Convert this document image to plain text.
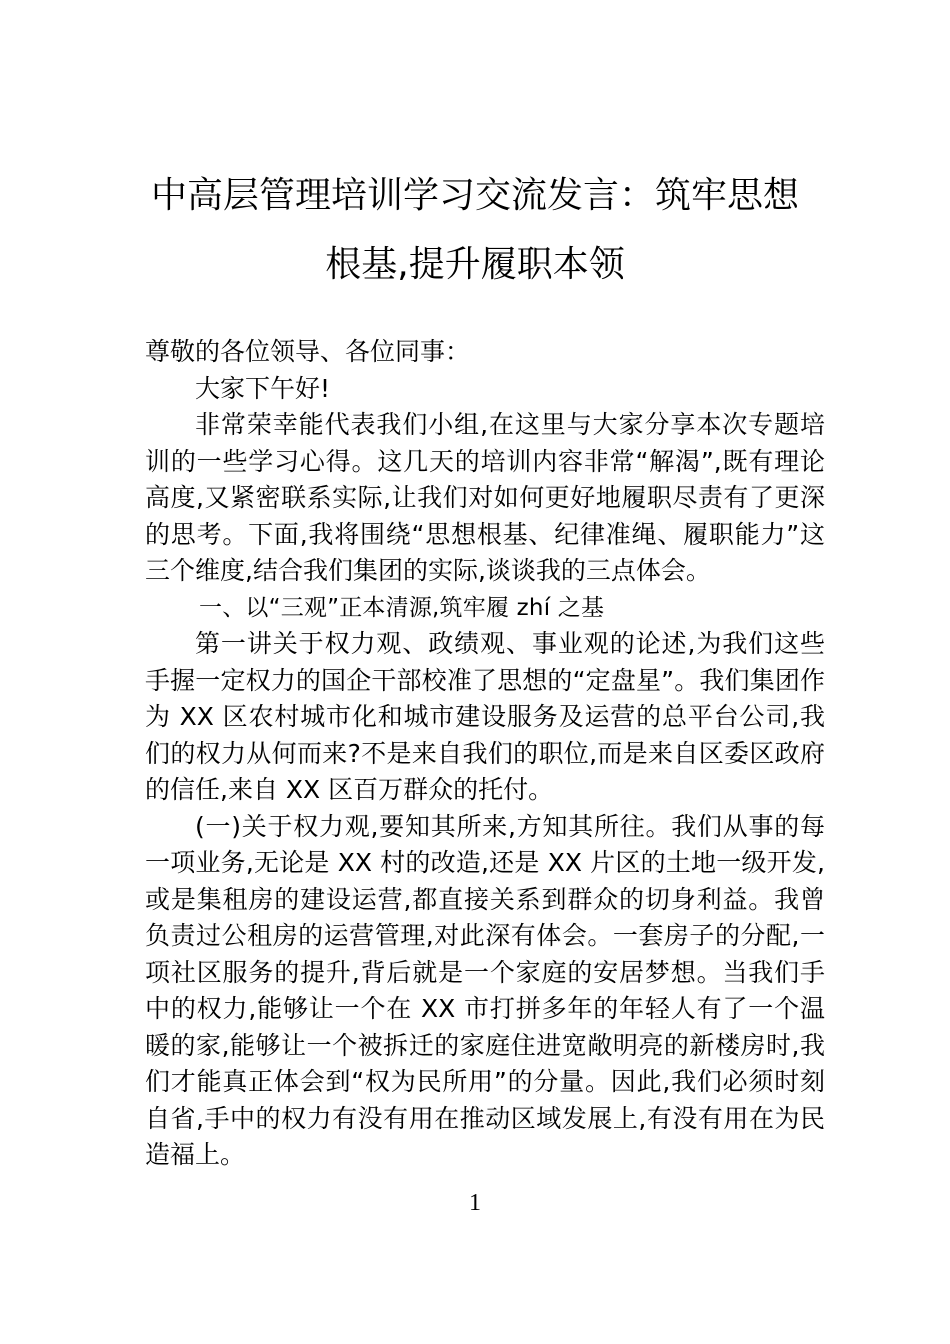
中高层管理培训学习交流发言：筑牢思想
根基,提升履职本领

尊敬的各位领导、各位同事：

大家下午好!

非常荣幸能代表我们小组,在这里与大家分享本次专题培训的一些学习心得。这几天的培训内容非常“解渴”,既有理论高度,又紧密联系实际,让我们对如何更好地履职尽责有了更深的思考。下面,我将围绕“思想根基、纪律准绳、履职能力”这三个维度,结合我们集团的实际,谈谈我的三点体会。

一、以“三观”正本清源,筑牢履 zhí 之基

第一讲关于权力观、政绩观、事业观的论述,为我们这些手握一定权力的国企干部校准了思想的“定盘星”。我们集团作为 XX 区农村城市化和城市建设服务及运营的总平台公司,我们的权力从何而来?不是来自我们的职位,而是来自区委区政府的信任,来自 XX 区百万群众的托付。

(一)关于权力观,要知其所来,方知其所往。我们从事的每一项业务,无论是 XX 村的改造,还是 XX 片区的土地一级开发,或是集租房的建设运营,都直接关系到群众的切身利益。我曾负责过公租房的运营管理,对此深有体会。一套房子的分配,一项社区服务的提升,背后就是一个家庭的安居梦想。当我们手中的权力,能够让一个在 XX 市打拼多年的年轻人有了一个温暖的家,能够让一个被拆迁的家庭住进宽敞明亮的新楼房时,我们才能真正体会到“权为民所用”的分量。因此,我们必须时刻自省,手中的权力有没有用在推动区域发展上,有没有用在为民造福上。

1
